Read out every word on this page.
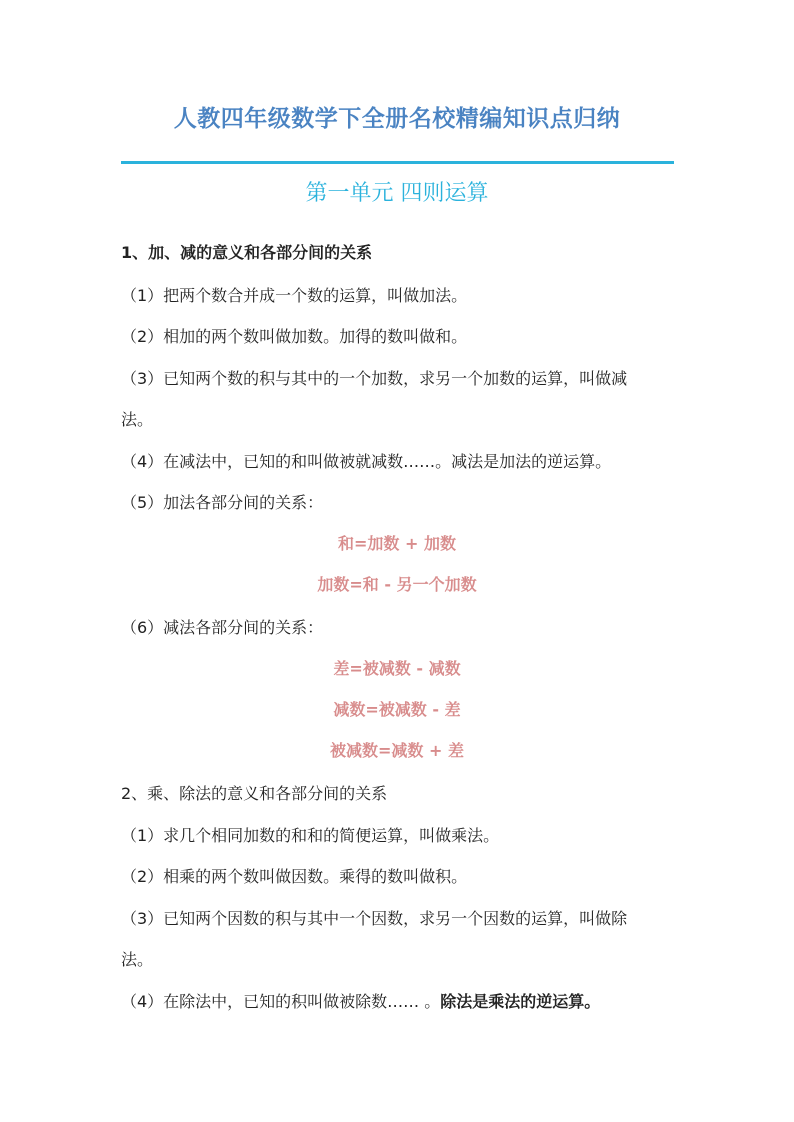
人教四年级数学下全册名校精编知识点归纳
第一单元 四则运算
1、加、减的意义和各部分间的关系
（1）把两个数合并成一个数的运算，叫做加法。
（2）相加的两个数叫做加数。加得的数叫做和。
（3）已知两个数的积与其中的一个加数，求另一个加数的运算，叫做减
法。
（4）在减法中，已知的和叫做被就减数……。减法是加法的逆运算。
（5）加法各部分间的关系：
和=加数 + 加数
加数=和 - 另一个加数
（6）减法各部分间的关系：
差=被减数 - 减数
减数=被减数 - 差
被减数=减数 + 差
2、乘、除法的意义和各部分间的关系
（1）求几个相同加数的和和的简便运算，叫做乘法。
（2）相乘的两个数叫做因数。乘得的数叫做积。
（3）已知两个因数的积与其中一个因数，求另一个因数的运算，叫做除
法。
（4）在除法中，已知的积叫做被除数…… 。除法是乘法的逆运算。
